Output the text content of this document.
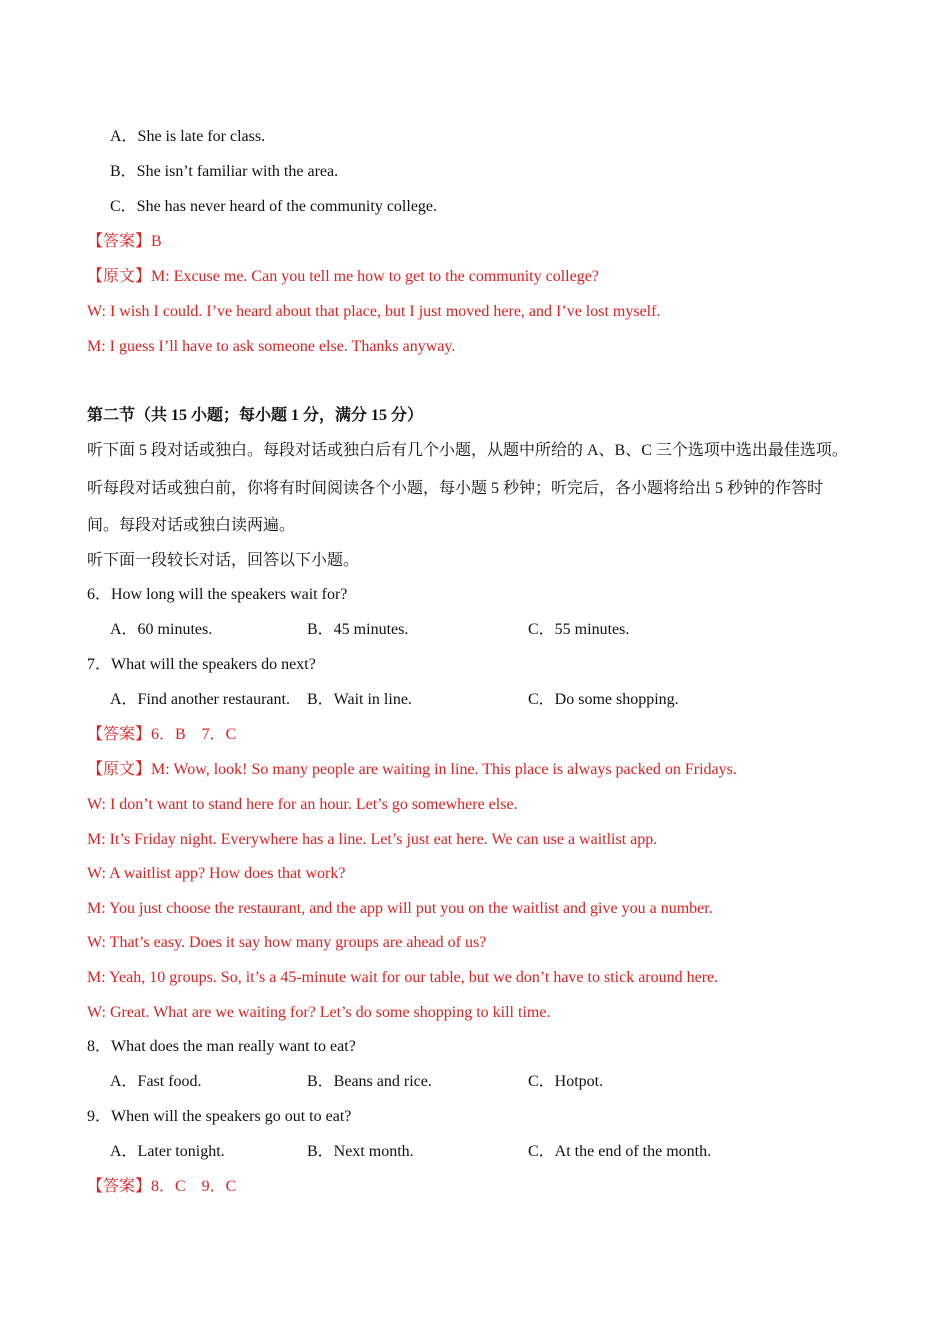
A．She is late for class.
B．She isn’t familiar with the area.
C．She has never heard of the community college.
【答案】B
【原文】M: Excuse me. Can you tell me how to get to the community college?
W: I wish I could. I’ve heard about that place, but I just moved here, and I’ve lost myself.
M: I guess I’ll have to ask someone else. Thanks anyway.
第二节（共 15 小题；每小题 1 分，满分 15 分）
听下面 5 段对话或独白。每段对话或独白后有几个小题，从题中所给的 A、B、C 三个选项中选出最佳选项。
听每段对话或独白前，你将有时间阅读各个小题，每小题 5 秒钟；听完后，各小题将给出 5 秒钟的作答时
间。每段对话或独白读两遍。
听下面一段较长对话，回答以下小题。
6．How long will the speakers wait for?
A．60 minutes.	B．45 minutes.	C．55 minutes.
7．What will the speakers do next?
A．Find another restaurant. B．Wait in line.	C．Do some shopping.
【答案】6．B    7．C
【原文】M: Wow, look! So many people are waiting in line. This place is always packed on Fridays.
W: I don’t want to stand here for an hour. Let’s go somewhere else.
M: It’s Friday night. Everywhere has a line. Let’s just eat here. We can use a waitlist app.
W: A waitlist app? How does that work?
M: You just choose the restaurant, and the app will put you on the waitlist and give you a number.
W: That’s easy. Does it say how many groups are ahead of us?
M: Yeah, 10 groups. So, it’s a 45-minute wait for our table, but we don’t have to stick around here.
W: Great. What are we waiting for? Let’s do some shopping to kill time.
8．What does the man really want to eat?
A．Fast food.	B．Beans and rice.	C．Hotpot.
9．When will the speakers go out to eat?
A．Later tonight.	B．Next month.	C．At the end of the month.
【答案】8．C    9．C
